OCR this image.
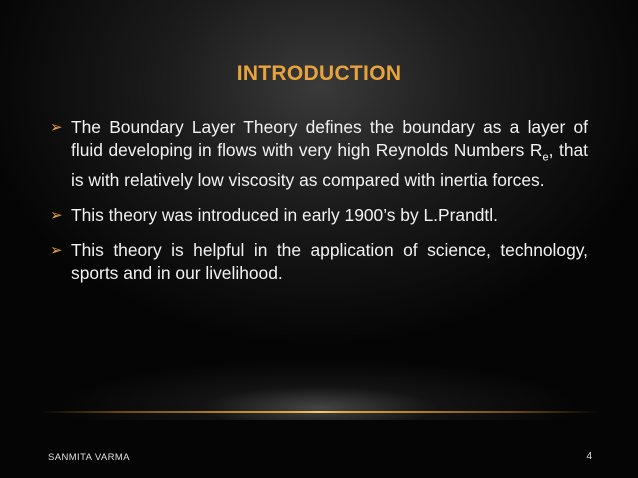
INTRODUCTION
➢ The Boundary Layer Theory defines the boundary as a layer of fluid developing in flows with very high Reynolds Numbers $R_e$, that is with relatively low viscosity as compared with inertia forces.
➢ This theory was introduced in early 1900’s by L.Prandtl.
➢ This theory is helpful in the application of science, technology, sports and in our livelihood.
SANMITA VARMA	4
